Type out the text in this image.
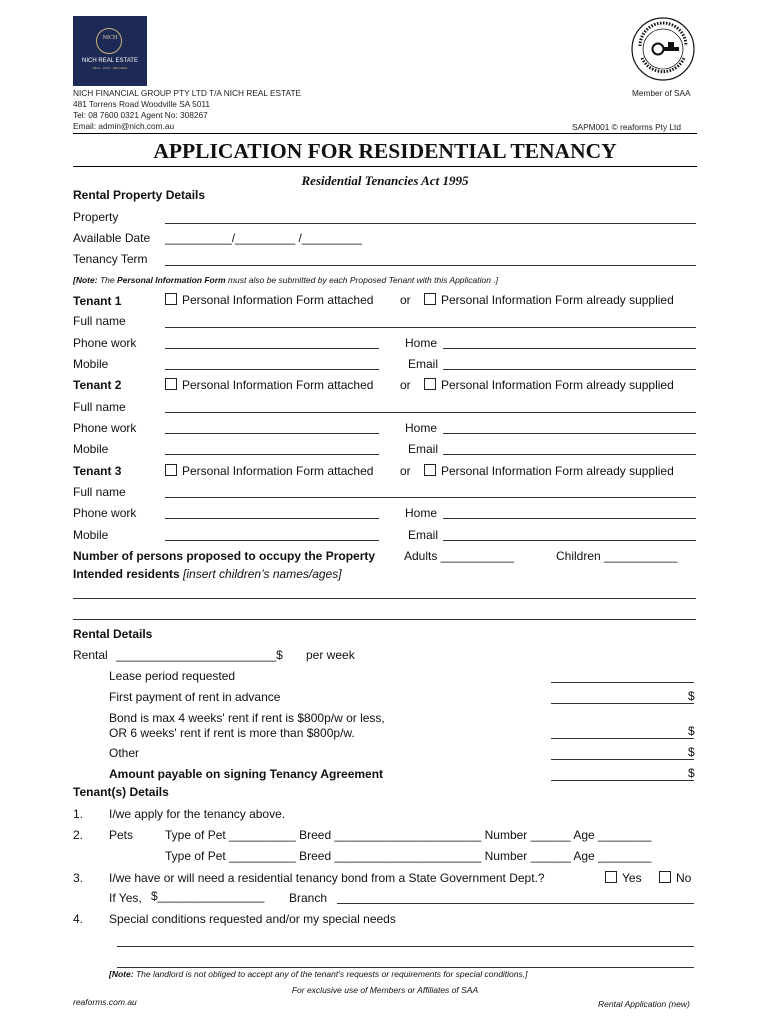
NICH
NICH REAL ESTATE
REAL · FAST · RELIABLE
NICH FINANCIAL GROUP PTY LTD T/A NICH REAL ESTATE
481 Torrens Road Woodville SA 5011
Tel: 08 7600 0321 Agent No: 308267
Email: admin@nich.com.au
Member of SAA
SAPM001 © reaforms Pty Ltd
APPLICATION FOR RESIDENTIAL TENANCY
Residential Tenancies Act 1995
Rental Property Details
Property
Available Date __________/_________ /_________
Tenancy Term
[Note: The Personal Information Form must also be submitted by each Proposed Tenant with this Application .]
Tenant 1	Personal Information Form attached or	Personal Information Form already supplied
Full name
Phone work	Home
Mobile	Email
Tenant 2	Personal Information Form attached or	Personal Information Form already supplied
Full name
Phone work	Home
Mobile	Email
Tenant 3	Personal Information Form attached or	Personal Information Form already supplied
Full name
Phone work	Home
Mobile	Email
Number of persons proposed to occupy the Property Adults ___________	Children ___________
Intended residents [insert children’s names/ages]
Rental Details
Rental ________________________$ per week
Lease period requested
First payment of rent in advance	$
Bond is max 4 weeks' rent if rent is $800p/w or less,
OR 6 weeks' rent if rent is more than $800p/w.	$
Other	$
Amount payable on signing Tenancy Agreement	$
Tenant(s) Details
1. I/we apply for the tenancy above.
2. Pets	Type of Pet __________ Breed ______________________ Number ______ Age ________
Type of Pet __________ Breed ______________________ Number ______ Age ________
3. I/we have or will need a residential tenancy bond from a State Government Dept.?	Yes	No
If Yes, $________________ Branch
4. Special conditions requested and/or my special needs
[Note: The landlord is not obliged to accept any of the tenant’s requests or requirements for special conditions.]
For exclusive use of Members or Affiliates of SAA
reaforms.com.au	Rental Application (new)
